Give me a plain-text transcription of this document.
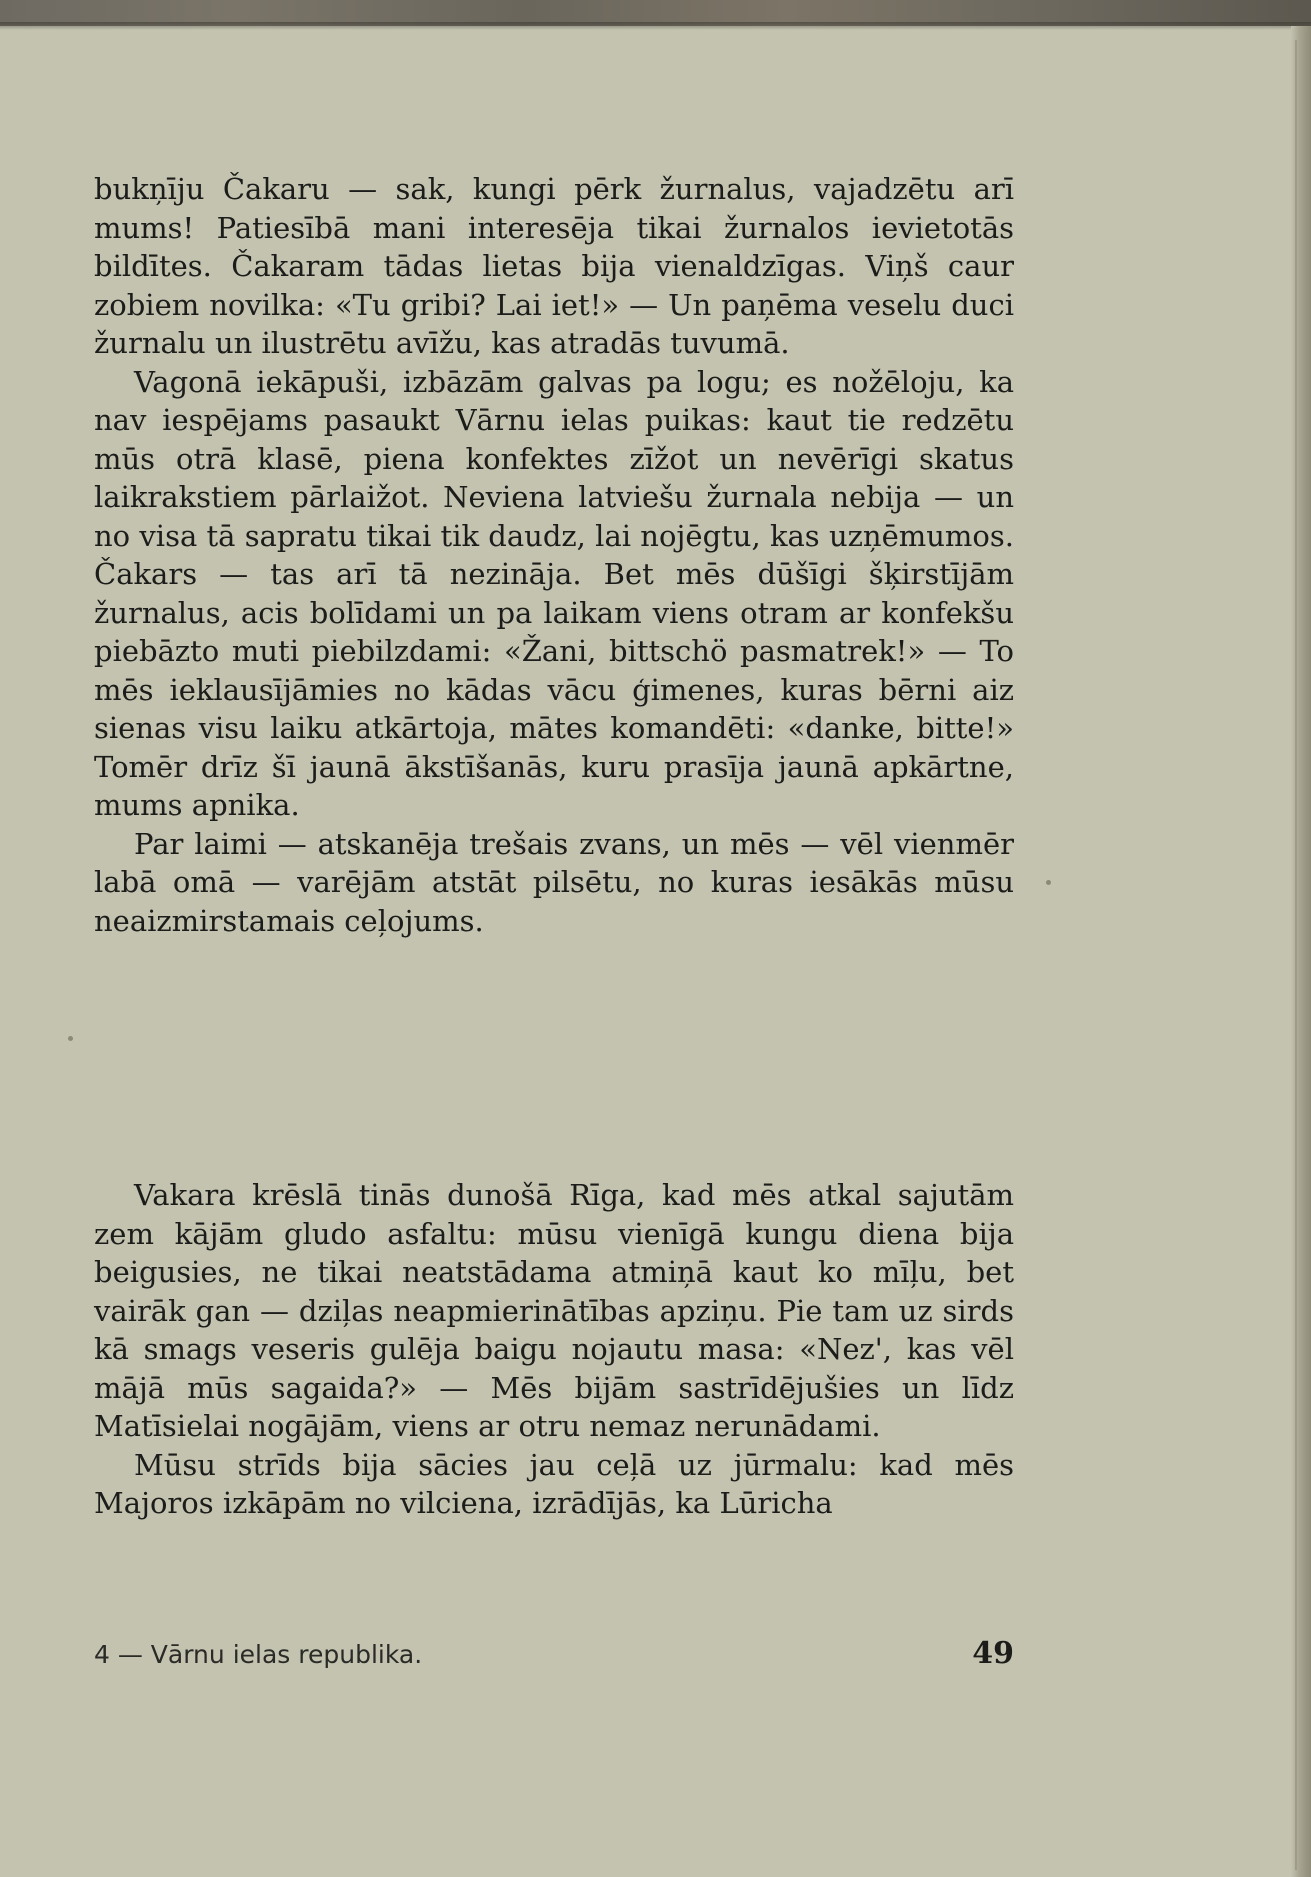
bukņīju Čakaru — sak, kungi pērk žurnalus, vajadzētu arī mums! Patiesībā mani interesēja tikai žurnalos ievietotās bildītes. Čakaram tādas lietas bija vienaldzīgas. Viņš caur zobiem novilka: «Tu gribi? Lai iet!» — Un paņēma veselu duci žurnalu un ilustrētu avīžu, kas atradās tuvumā.

Vagonā iekāpuši, izbāzām galvas pa logu; es nožēloju, ka nav iespējams pasaukt Vārnu ielas puikas: kaut tie redzētu mūs otrā klasē, piena konfektes zīžot un nevērīgi skatus laikrakstiem pārlaižot. Neviena latviešu žurnala nebija — un no visa tā sapratu tikai tik daudz, lai nojēgtu, kas uzņēmumos. Čakars — tas arī tā nezināja. Bet mēs dūšīgi šķirstījām žurnalus, acis bolīdami un pa laikam viens otram ar konfekšu piebāzto muti piebilzdami: «Žani, bittschö pasmatrek!» — To mēs ieklausījāmies no kādas vācu ģimenes, kuras bērni aiz sienas visu laiku atkārtoja, mātes komandēti: «danke, bitte!» Tomēr drīz šī jaunā ākstīšanās, kuru prasīja jaunā apkārtne, mums apnika.

Par laimi — atskanēja trešais zvans, un mēs — vēl vienmēr labā omā — varējām atstāt pilsētu, no kuras iesākās mūsu neaizmirstamais ceļojums.

Vakara krēslā tinās dunošā Rīga, kad mēs atkal sajutām zem kājām gludo asfaltu: mūsu vienīgā kungu diena bija beigusies, ne tikai neatstādama atmiņā kaut ko mīļu, bet vairāk gan — dziļas neapmierinātības apziņu. Pie tam uz sirds kā smags veseris gulēja baigu nojautu masa: «Nez', kas vēl mājā mūs sagaida?» — Mēs bijām sastrīdējušies un līdz Matīsielai nogājām, viens ar otru nemaz nerunādami.

Mūsu strīds bija sācies jau ceļā uz jūrmalu: kad mēs Majoros izkāpām no vilciena, izrādījās, ka Lūricha

4 — Vārnu ielas republika.	49
